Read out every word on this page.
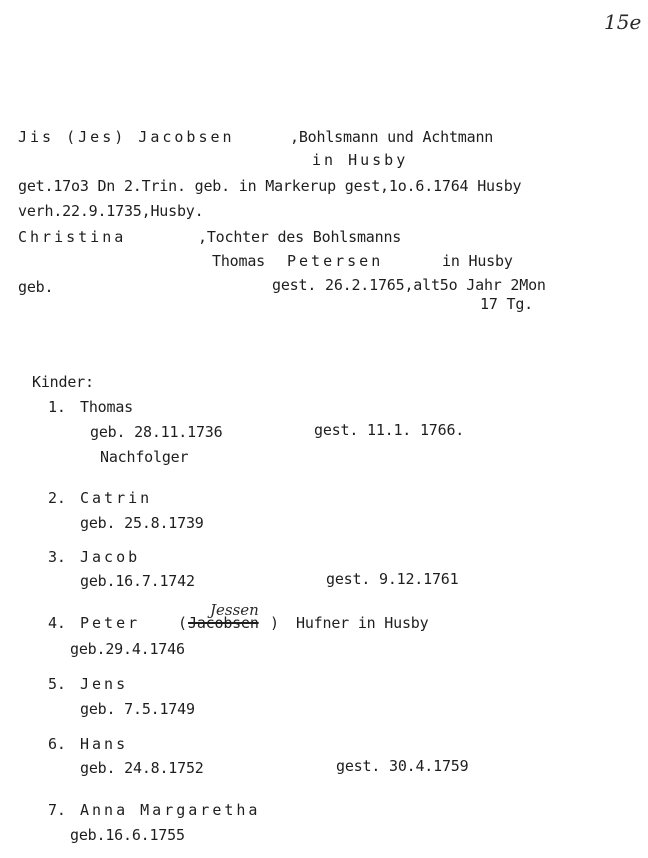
15e
Jis (Jes) Jacobsen	,Bohlsmann und Achtmann
in Husby
get.17o3 Dn 2.Trin. geb. in Markerup gest,1o.6.1764 Husby
verh.22.9.1735,Husby.
Christina	,Tochter des Bohlsmanns
Thomas Petersen	in Husby
geb.	gest. 26.2.1765,alt5o Jahr 2Mon
17 Tg.
Kinder:
1. Thomas
geb. 28.11.1736	gest. 11.1. 1766.
Nachfolger
2. Catrin
geb. 25.8.1739
3. Jacob
geb.16.7.1742	gest. 9.12.1761
4. Peter	( Jacobsen )
Jessen
Hufner in Husby
geb.29.4.1746
5. Jens
geb. 7.5.1749
6. Hans
geb. 24.8.1752	gest. 30.4.1759
7. Anna Margaretha
geb.16.6.1755
